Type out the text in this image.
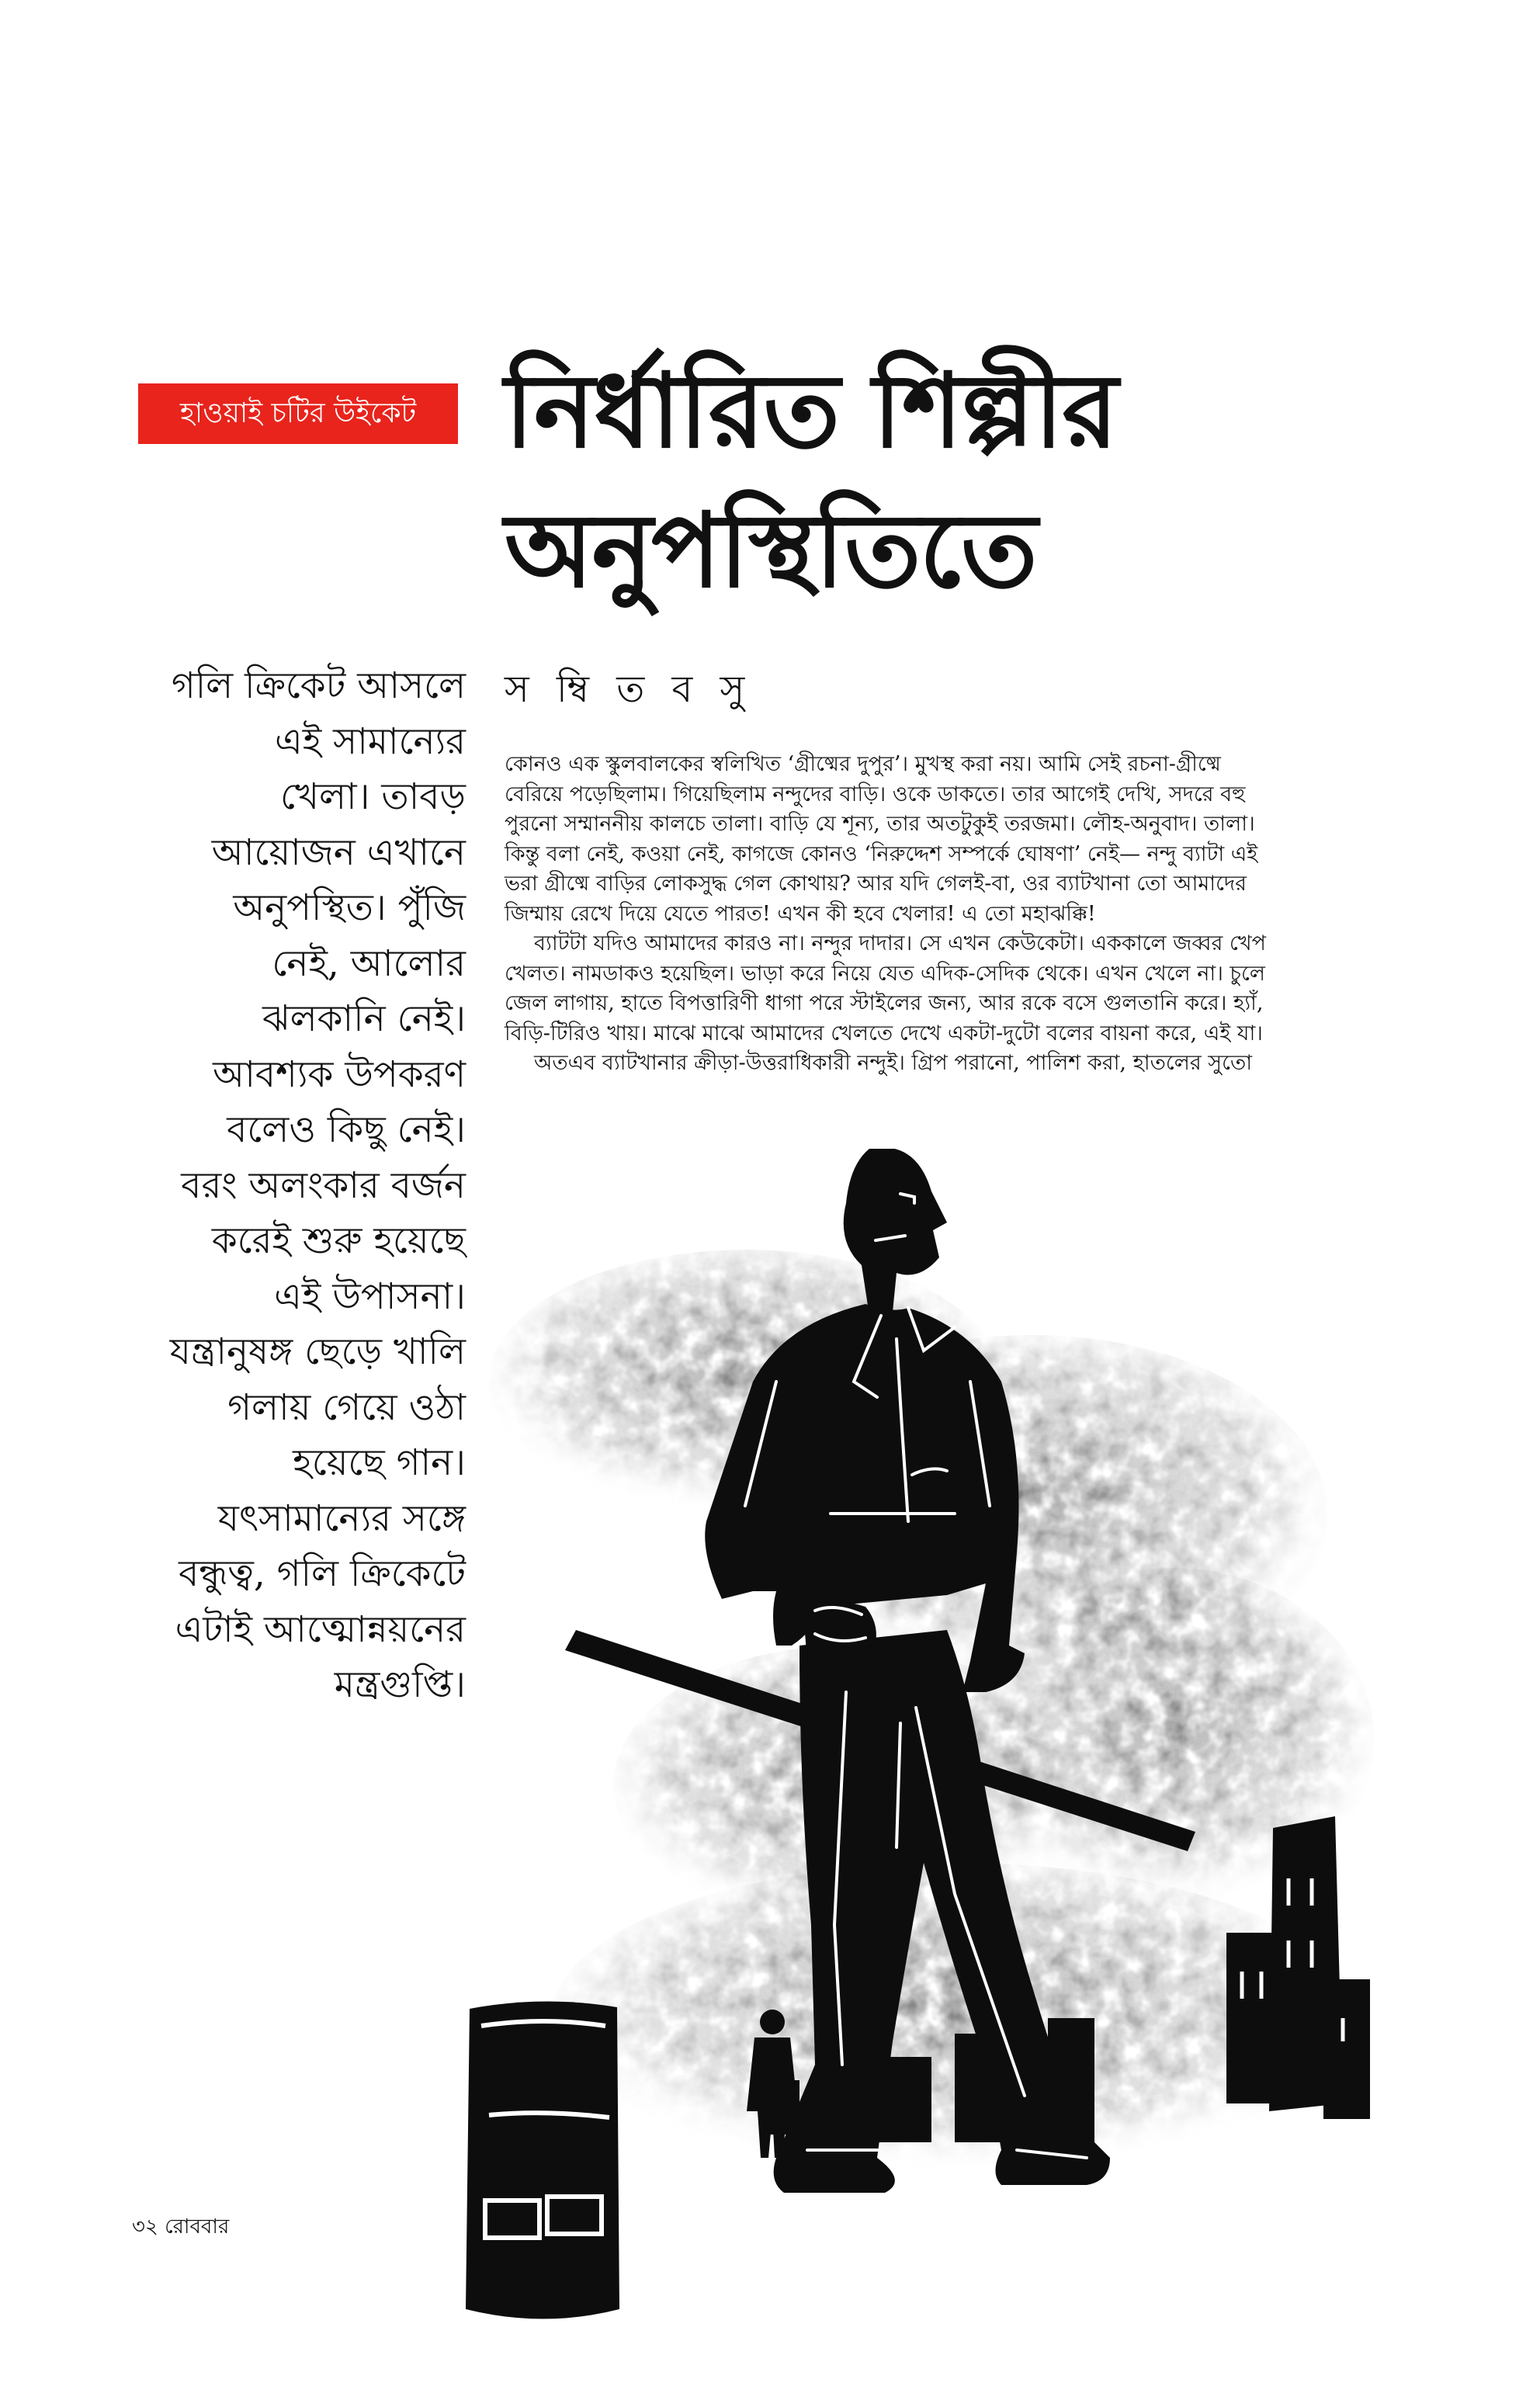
হাওয়াই চটির উইকেট নির্ধারিত শিল্পীর
অনুপস্থিতিতে
স ম্বি ত ব সু
গলি ক্রিকেট আসলে
এই সামান্যের
খেলা। তাবড়
আয়োজন এখানে
অনুপস্থিত। পুঁজি
নেই, আলোর
ঝলকানি নেই।
আবশ্যক উপকরণ
বলেও কিছু নেই।
বরং অলংকার বর্জন
করেই শুরু হয়েছে
এই উপাসনা।
যন্ত্রানুষঙ্গ ছেড়ে খালি
গলায় গেয়ে ওঠা
হয়েছে গান।
যৎসামান্যের সঙ্গে
বন্ধুত্ব, গলি ক্রিকেটে
এটাই আত্মোন্নয়নের
মন্ত্রগুপ্তি।
কোনও এক স্কুলবালকের স্বলিখিত ‘গ্রীষ্মের দুপুর’। মুখস্থ করা নয়। আমি সেই রচনা-গ্রীষ্মে
বেরিয়ে পড়েছিলাম। গিয়েছিলাম নন্দুদের বাড়ি। ওকে ডাকতে। তার আগেই দেখি, সদরে বহু
পুরনো সম্মাননীয় কালচে তালা। বাড়ি যে শূন্য, তার অতটুকুই তরজমা। লৌহ-অনুবাদ। তালা।
কিন্তু বলা নেই, কওয়া নেই, কাগজে কোনও ‘নিরুদ্দেশ সম্পর্কে ঘোষণা’ নেই— নন্দু ব্যাটা এই
ভরা গ্রীষ্মে বাড়ির লোকসুদ্ধ গেল কোথায়? আর যদি গেলই-বা, ওর ব্যাটখানা তো আমাদের
জিম্মায় রেখে দিয়ে যেতে পারত! এখন কী হবে খেলার! এ তো মহাঝক্কি!
ব্যাটটা যদিও আমাদের কারও না। নন্দুর দাদার। সে এখন কেউকেটা। এককালে জব্বর খেপ
খেলত। নামডাকও হয়েছিল। ভাড়া করে নিয়ে যেত এদিক-সেদিক থেকে। এখন খেলে না। চুলে
জেল লাগায়, হাতে বিপত্তারিণী ধাগা পরে স্টাইলের জন্য, আর রকে বসে গুলতানি করে। হ্যাঁ,
বিড়ি-টিরিও খায়। মাঝে মাঝে আমাদের খেলতে দেখে একটা-দুটো বলের বায়না করে, এই যা।
অতএব ব্যাটখানার ক্রীড়া-উত্তরাধিকারী নন্দুই। গ্রিপ পরানো, পালিশ করা, হাতলের সুতো
৩২ রোববার
